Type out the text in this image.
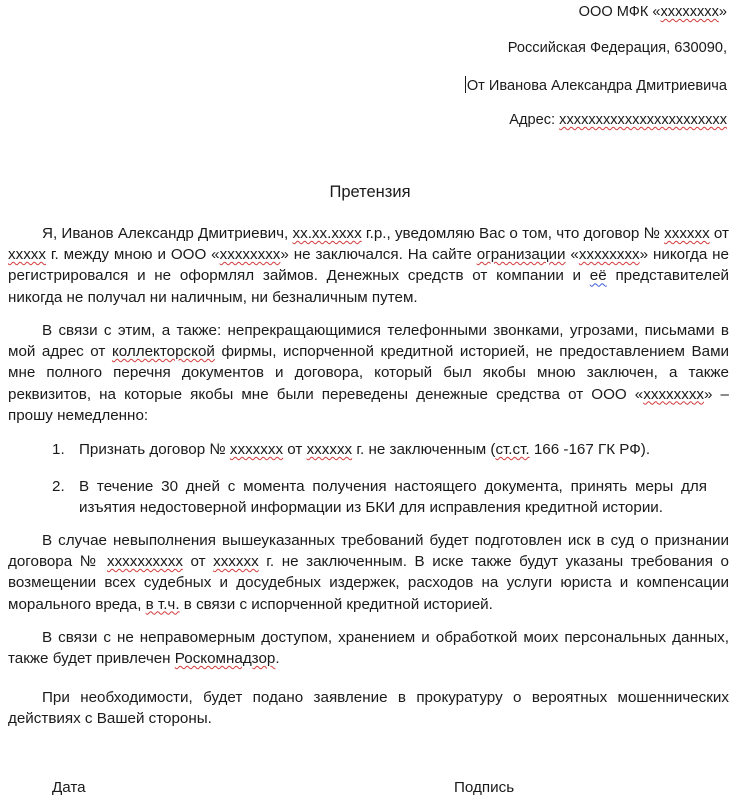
ООО МФК «xxxxxxxx»
Российская Федерация, 630090,
От Иванова Александра Дмитриевича
Адрес: xxxxxxxxxxxxxxxxxxxxxxx
Претензия
Я, Иванов Александр Дмитриевич, хх.хх.хххх г.р., уведомляю Вас о том, что договор № хххххх от ххххх г. между мною и ООО «хххххххх» не заключался. На сайте огранизации «хххххххх» никогда не регистрировался и не оформлял займов. Денежных средств от компании и её представителей никогда не получал ни наличным, ни безналичным путем.
В связи с этим, а также: непрекращающимися телефонными звонками, угрозами, письмами в мой адрес от коллекторской фирмы, испорченной кредитной историей, не предоставлением Вами мне полного перечня документов и договора, который был якобы мною заключен, а также реквизитов, на которые якобы мне были переведены денежные средства от ООО «хххххххх» – прошу немедленно:
1. Признать договор № ххххххх от хххххх г. не заключенным (ст.ст. 166 -167 ГК РФ).
2. В течение 30 дней с момента получения настоящего документа, принять меры для изъятия недостоверной информации из БКИ для исправления кредитной истории.
В случае невыполнения вышеуказанных требований будет подготовлен иск в суд о признании договора № хххххххххх от хххххх г. не заключенным. В иске также будут указаны требования о возмещении всех судебных и досудебных издержек, расходов на услуги юриста и компенсации морального вреда, в т.ч. в связи с испорченной кредитной историей.
В связи с не неправомерным доступом, хранением и обработкой моих персональных данных, также будет привлечен Роскомнадзор.
При необходимости, будет подано заявление в прокуратуру о вероятных мошеннических действиях с Вашей стороны.
Дата	Подпись
